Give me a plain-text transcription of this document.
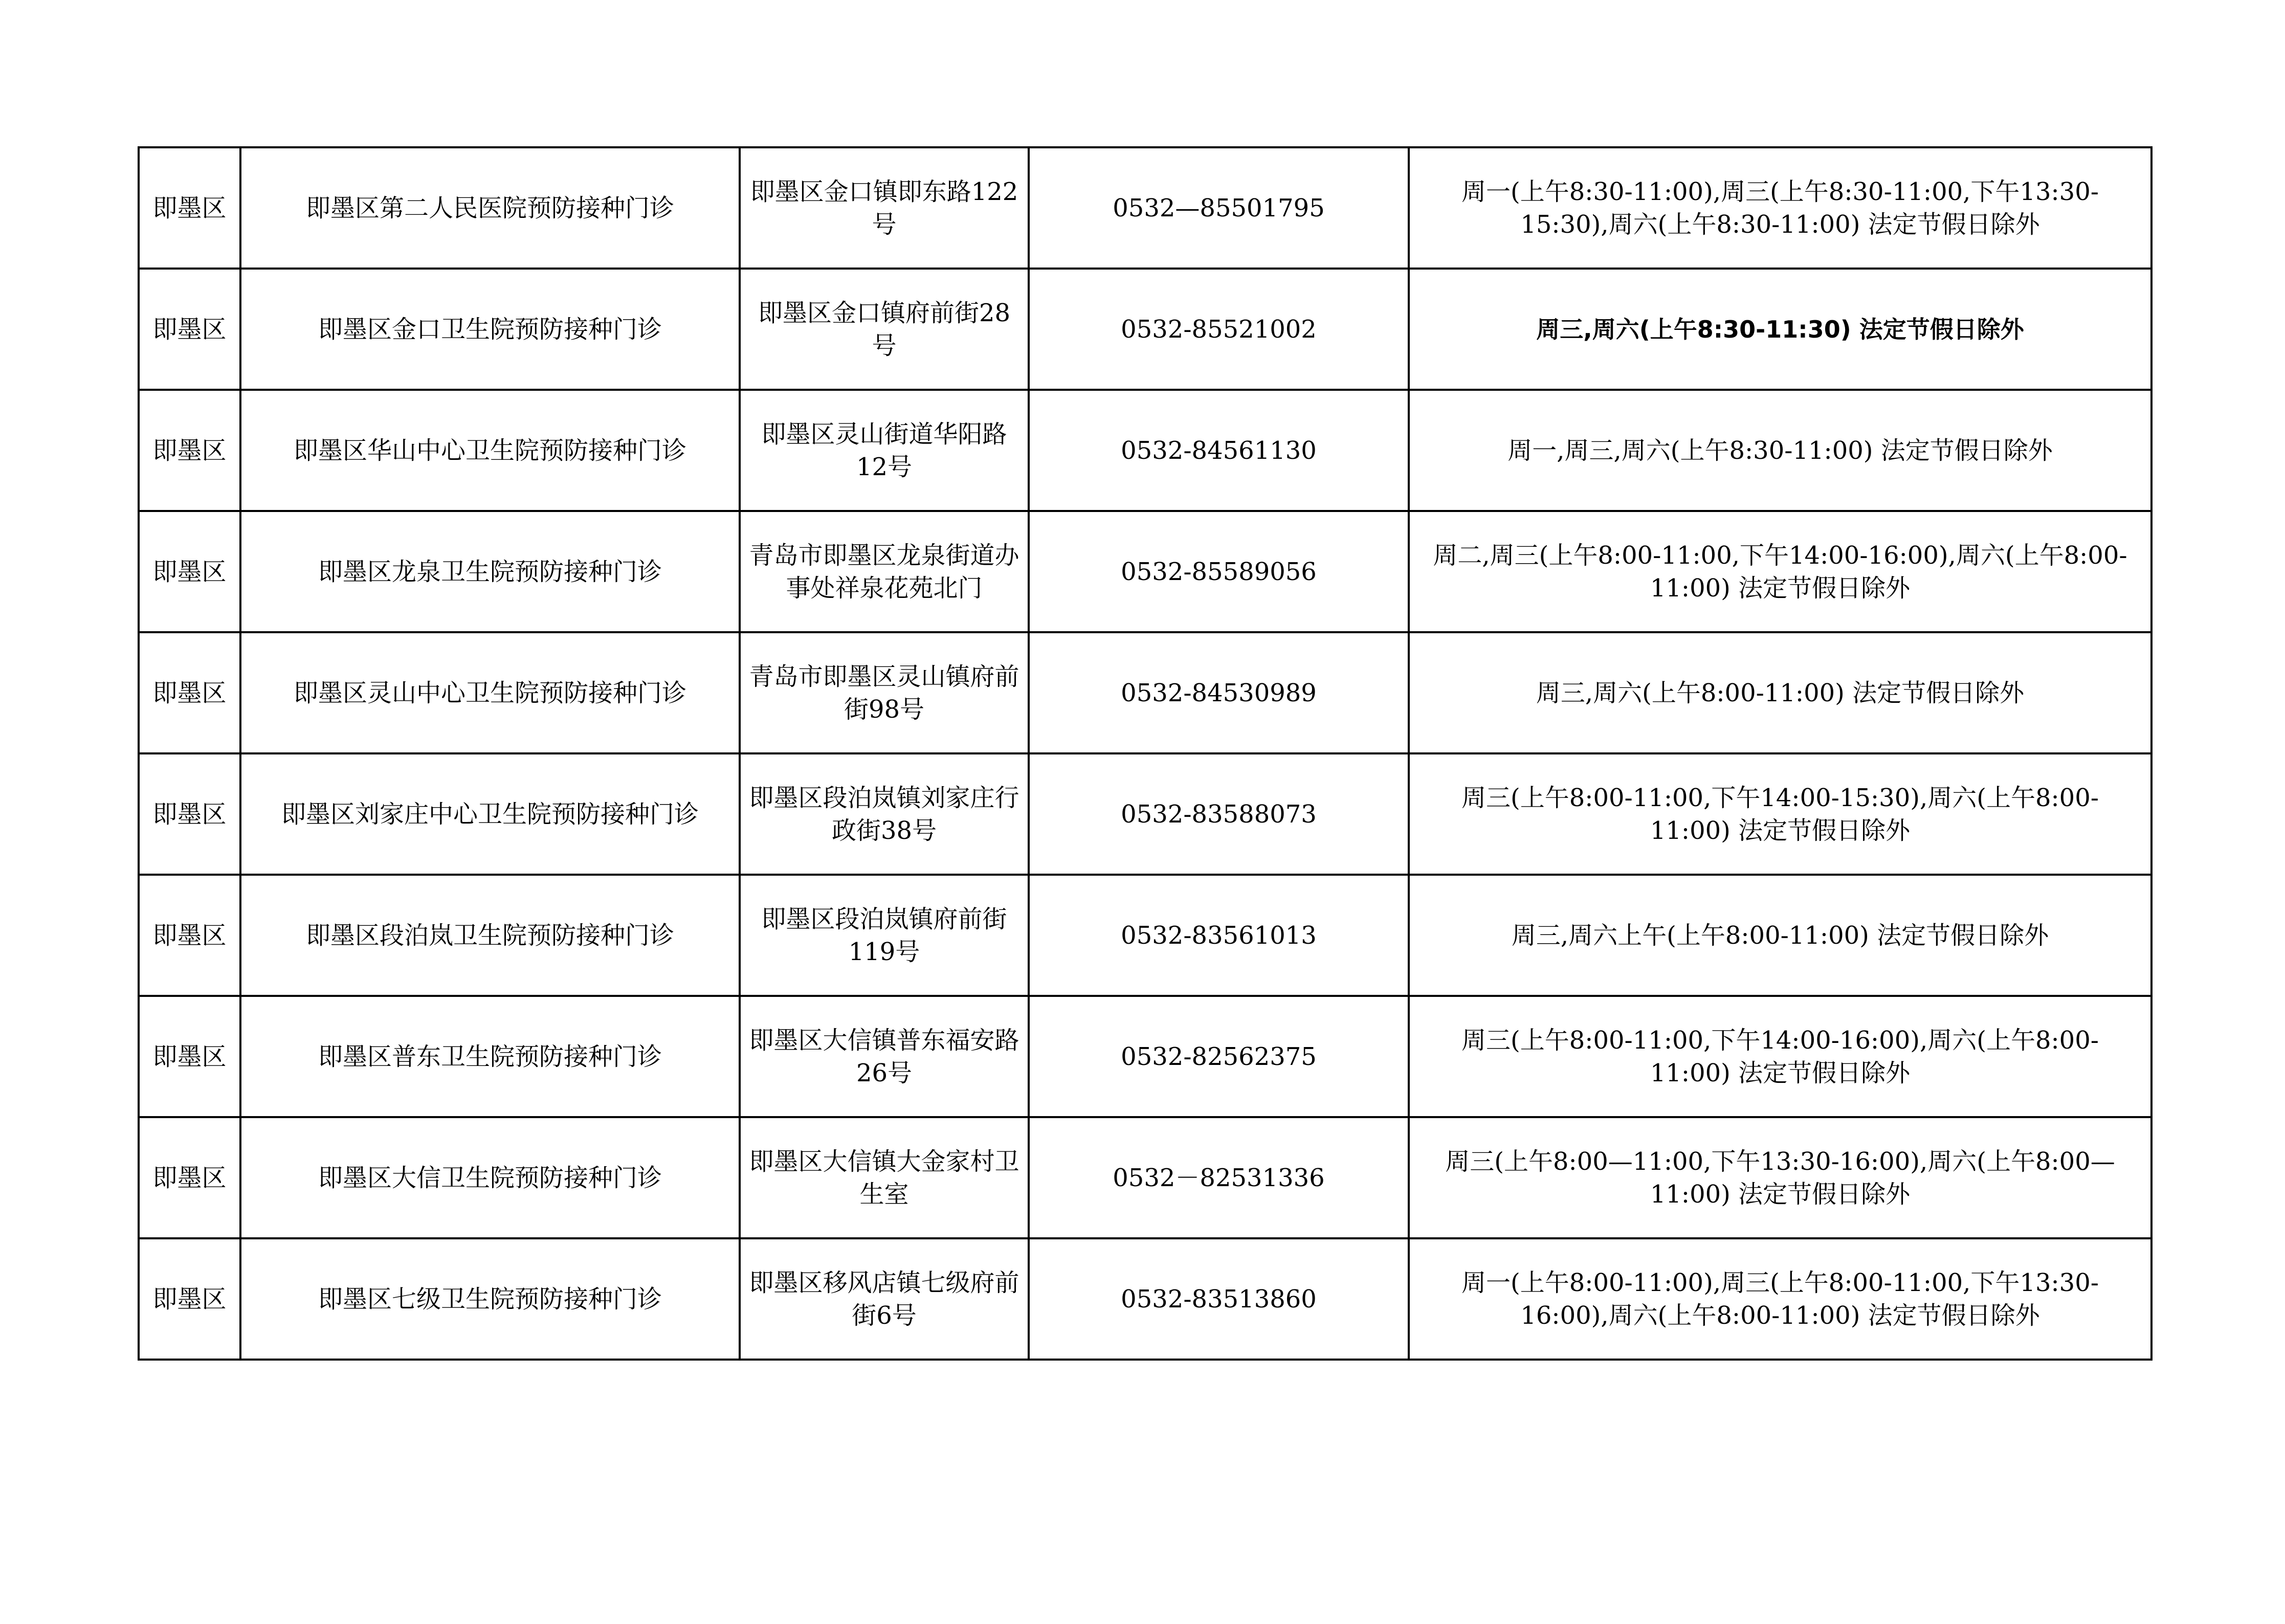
即墨区	即墨区第二人民医院预防接种门诊	即墨区金口镇即东路122号	0532—85501795	周一(上午8:30-11:00),周三(上午8:30-11:00,下午13:30-15:30),周六(上午8:30-11:00) 法定节假日除外
即墨区	即墨区金口卫生院预防接种门诊	即墨区金口镇府前街28号	0532-85521002	周三,周六(上午8:30-11:30) 法定节假日除外
即墨区	即墨区华山中心卫生院预防接种门诊	即墨区灵山街道华阳路12号	0532-84561130	周一,周三,周六(上午8:30-11:00) 法定节假日除外
即墨区	即墨区龙泉卫生院预防接种门诊	青岛市即墨区龙泉街道办事处祥泉花苑北门	0532-85589056	周二,周三(上午8:00-11:00,下午14:00-16:00),周六(上午8:00-11:00) 法定节假日除外
即墨区	即墨区灵山中心卫生院预防接种门诊	青岛市即墨区灵山镇府前街98号	0532-84530989	周三,周六(上午8:00-11:00) 法定节假日除外
即墨区	即墨区刘家庄中心卫生院预防接种门诊	即墨区段泊岚镇刘家庄行政街38号	0532-83588073	周三(上午8:00-11:00,下午14:00-15:30),周六(上午8:00-11:00) 法定节假日除外
即墨区	即墨区段泊岚卫生院预防接种门诊	即墨区段泊岚镇府前街119号	0532-83561013	周三,周六上午(上午8:00-11:00) 法定节假日除外
即墨区	即墨区普东卫生院预防接种门诊	即墨区大信镇普东福安路26号	0532-82562375	周三(上午8:00-11:00,下午14:00-16:00),周六(上午8:00-11:00) 法定节假日除外
即墨区	即墨区大信卫生院预防接种门诊	即墨区大信镇大金家村卫生室	0532－82531336	周三(上午8:00—11:00,下午13:30-16:00),周六(上午8:00—11:00) 法定节假日除外
即墨区	即墨区七级卫生院预防接种门诊	即墨区移风店镇七级府前街6号	0532-83513860	周一(上午8:00-11:00),周三(上午8:00-11:00,下午13:30-16:00),周六(上午8:00-11:00) 法定节假日除外
